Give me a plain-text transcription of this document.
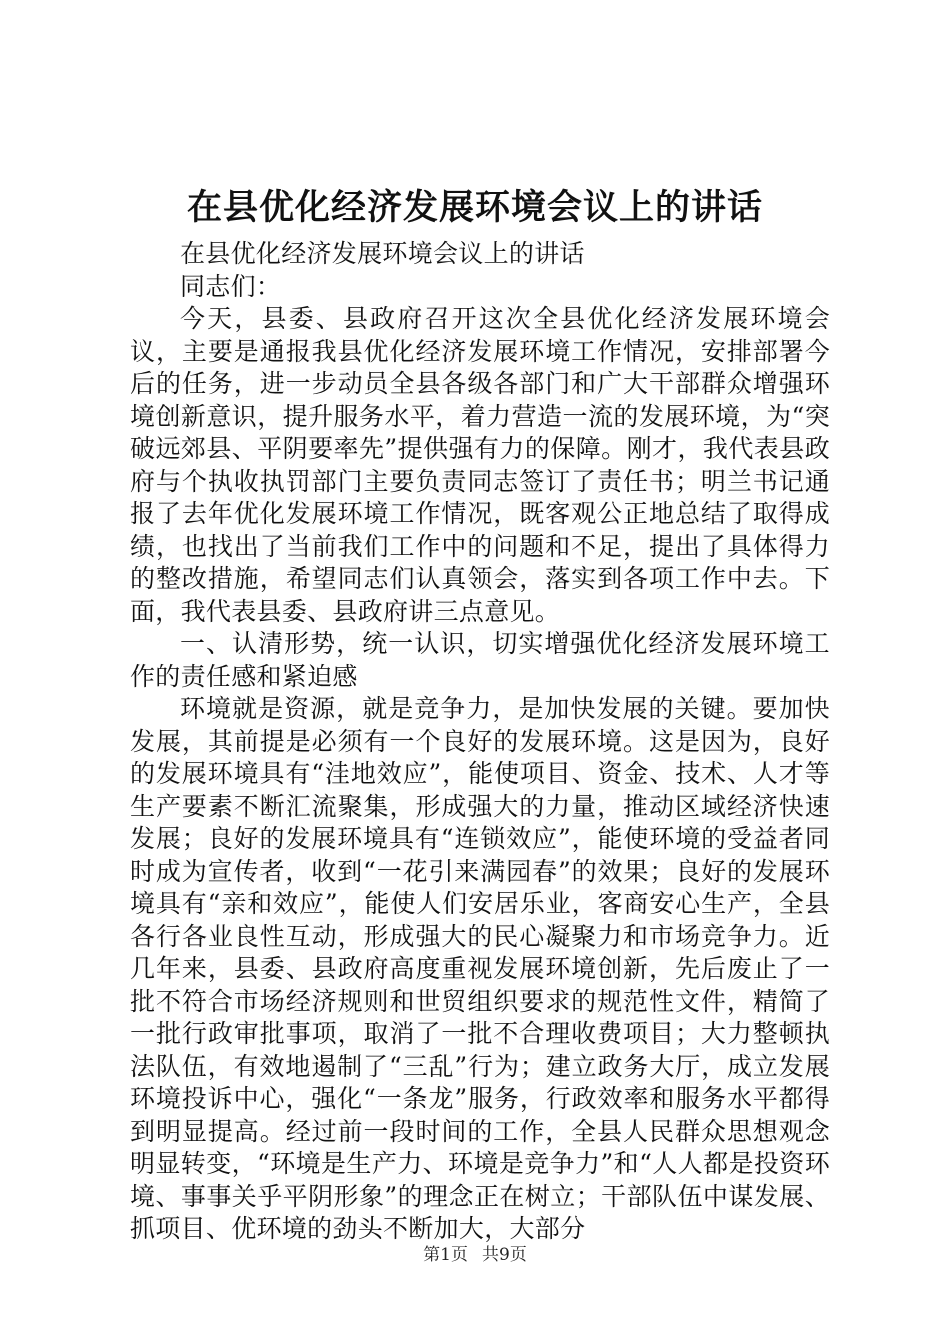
在县优化经济发展环境会议上的讲话

在县优化经济发展环境会议上的讲话

同志们：

今天，县委、县政府召开这次全县优化经济发展环境会议，主要是通报我县优化经济发展环境工作情况，安排部署今后的任务，进一步动员全县各级各部门和广大干部群众增强环境创新意识，提升服务水平，着力营造一流的发展环境，为“突破远郊县、平阴要率先”提供强有力的保障。刚才，我代表县政府与个执收执罚部门主要负责同志签订了责任书；明兰书记通报了去年优化发展环境工作情况，既客观公正地总结了取得成绩，也找出了当前我们工作中的问题和不足，提出了具体得力的整改措施，希望同志们认真领会，落实到各项工作中去。下面，我代表县委、县政府讲三点意见。

一、认清形势，统一认识，切实增强优化经济发展环境工作的责任感和紧迫感

环境就是资源，就是竞争力，是加快发展的关键。要加快发展，其前提是必须有一个良好的发展环境。这是因为，良好的发展环境具有“洼地效应”，能使项目、资金、技术、人才等生产要素不断汇流聚集，形成强大的力量，推动区域经济快速发展；良好的发展环境具有“连锁效应”，能使环境的受益者同时成为宣传者，收到“一花引来满园春”的效果；良好的发展环境具有“亲和效应”，能使人们安居乐业，客商安心生产，全县各行各业良性互动，形成强大的民心凝聚力和市场竞争力。近几年来，县委、县政府高度重视发展环境创新，先后废止了一批不符合市场经济规则和世贸组织要求的规范性文件，精简了一批行政审批事项，取消了一批不合理收费项目；大力整顿执法队伍，有效地遏制了“三乱”行为；建立政务大厅，成立发展环境投诉中心，强化“一条龙”服务，行政效率和服务水平都得到明显提高。经过前一段时间的工作，全县人民群众思想观念明显转变，“环境是生产力、环境是竞争力”和“人人都是投资环境、事事关乎平阴形象”的理念正在树立；干部队伍中谋发展、抓项目、优环境的劲头不断加大，大部分

第1页 共9页
